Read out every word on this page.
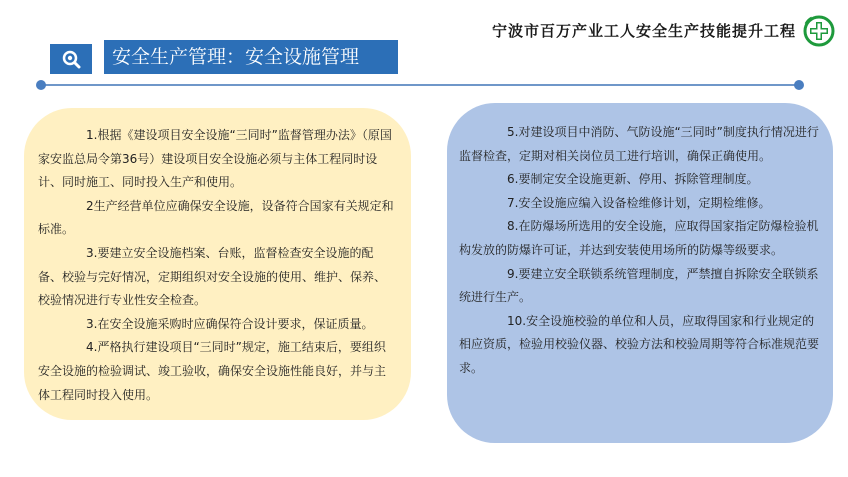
宁波市百万产业工人安全生产技能提升工程
安全生产管理：安全设施管理

1.根据《建设项目安全设施“三同时”监督管理办法》（原国家安监总局令第36号）建设项目安全设施必须与主体工程同时设计、同时施工、同时投入生产和使用。

2生产经营单位应确保安全设施，设备符合国家有关规定和标准。

3.要建立安全设施档案、台账，监督检查安全设施的配备、校验与完好情况，定期组织对安全设施的使用、维护、保养、校验情况进行专业性安全检查。

3.在安全设施采购时应确保符合设计要求，保证质量。

4.严格执行建设项目“三同时”规定，施工结束后，要组织安全设施的检验调试、竣工验收，确保安全设施性能良好，并与主体工程同时投入使用。

5.对建设项目中消防、气防设施“三同时”制度执行情况进行监督检查，定期对相关岗位员工进行培训，确保正确使用。

6.要制定安全设施更新、停用、拆除管理制度。

7.安全设施应编入设备检维修计划，定期检维修。

8.在防爆场所选用的安全设施，应取得国家指定防爆检验机构发放的防爆许可证，并达到安装使用场所的防爆等级要求。

9.要建立安全联锁系统管理制度，严禁擅自拆除安全联锁系统进行生产。

10.安全设施校验的单位和人员，应取得国家和行业规定的相应资质，检验用校验仪器、校验方法和校验周期等符合标准规范要求。
